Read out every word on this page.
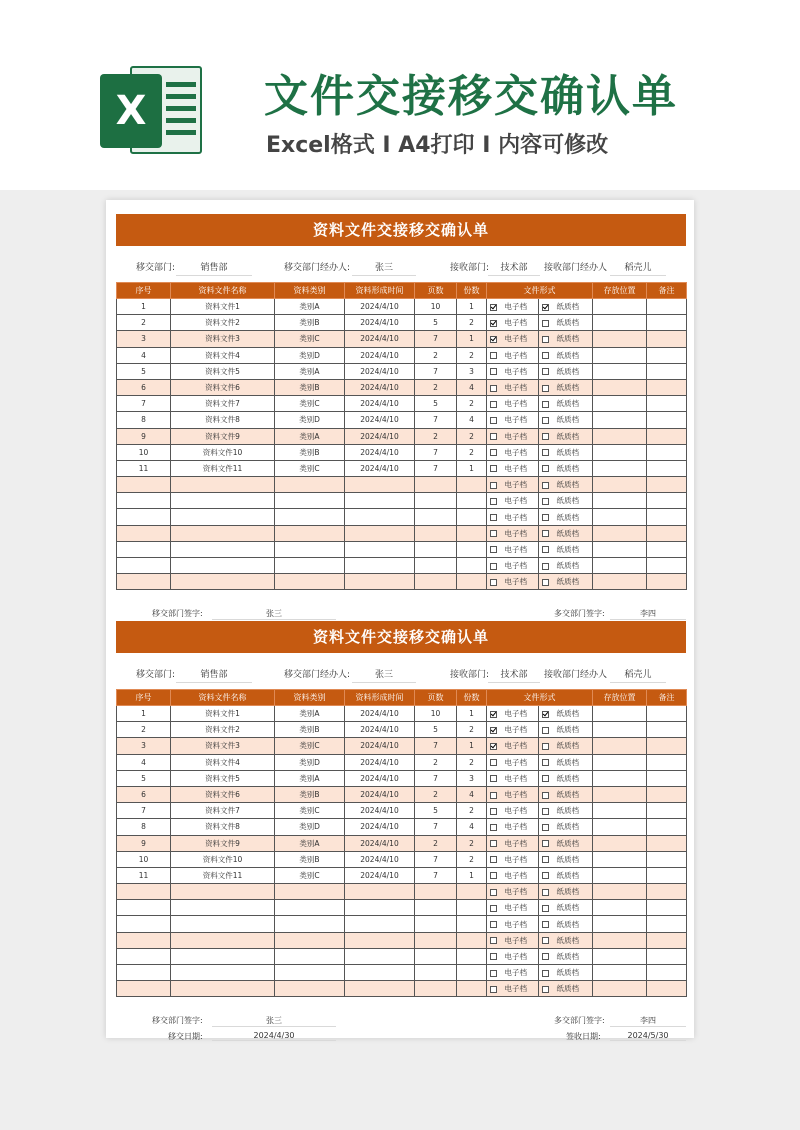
X	文件交接移交确认单
Excel格式 I A4打印 I 内容可修改
资料文件交接移交确认单
移交部门:	销售部	移交部门经办人:	张三	接收部门:	技术部	接收部门经办人	稻壳儿
序号	资料文件名称	资料类别	资料形成时间	页数	份数	文件形式				存放位置	备注
1	资料文件1	类别A	2024/4/10	10	1		电子档		纸质档		
2	资料文件2	类别B	2024/4/10	5	2		电子档		纸质档		
3	资料文件3	类别C	2024/4/10	7	1		电子档		纸质档		
4	资料文件4	类别D	2024/4/10	2	2		电子档		纸质档		
5	资料文件5	类别A	2024/4/10	7	3		电子档		纸质档		
6	资料文件6	类别B	2024/4/10	2	4		电子档		纸质档		
7	资料文件7	类别C	2024/4/10	5	2		电子档		纸质档		
8	资料文件8	类别D	2024/4/10	7	4		电子档		纸质档		
9	资料文件9	类别A	2024/4/10	2	2		电子档		纸质档		
10	资料文件10	类别B	2024/4/10	7	2		电子档		纸质档		
11	资料文件11	类别C	2024/4/10	7	1		电子档		纸质档		
							电子档		纸质档		
							电子档		纸质档		
							电子档		纸质档		
							电子档		纸质档		
							电子档		纸质档		
							电子档		纸质档		
							电子档		纸质档		
移交部门签字:	张三	多交部门签字:	李四
资料文件交接移交确认单
移交部门:	销售部	移交部门经办人:	张三	接收部门:	技术部	接收部门经办人	稻壳儿
序号	资料文件名称	资料类别	资料形成时间	页数	份数	文件形式				存放位置	备注
1	资料文件1	类别A	2024/4/10	10	1		电子档		纸质档		
2	资料文件2	类别B	2024/4/10	5	2		电子档		纸质档		
3	资料文件3	类别C	2024/4/10	7	1		电子档		纸质档		
4	资料文件4	类别D	2024/4/10	2	2		电子档		纸质档		
5	资料文件5	类别A	2024/4/10	7	3		电子档		纸质档		
6	资料文件6	类别B	2024/4/10	2	4		电子档		纸质档		
7	资料文件7	类别C	2024/4/10	5	2		电子档		纸质档		
8	资料文件8	类别D	2024/4/10	7	4		电子档		纸质档		
9	资料文件9	类别A	2024/4/10	2	2		电子档		纸质档		
10	资料文件10	类别B	2024/4/10	7	2		电子档		纸质档		
11	资料文件11	类别C	2024/4/10	7	1		电子档		纸质档		
							电子档		纸质档		
							电子档		纸质档		
							电子档		纸质档		
							电子档		纸质档		
							电子档		纸质档		
							电子档		纸质档		
							电子档		纸质档		
移交部门签字:	张三	多交部门签字:	李四
移交日期:	2024/4/30	签收日期:	2024/5/30
